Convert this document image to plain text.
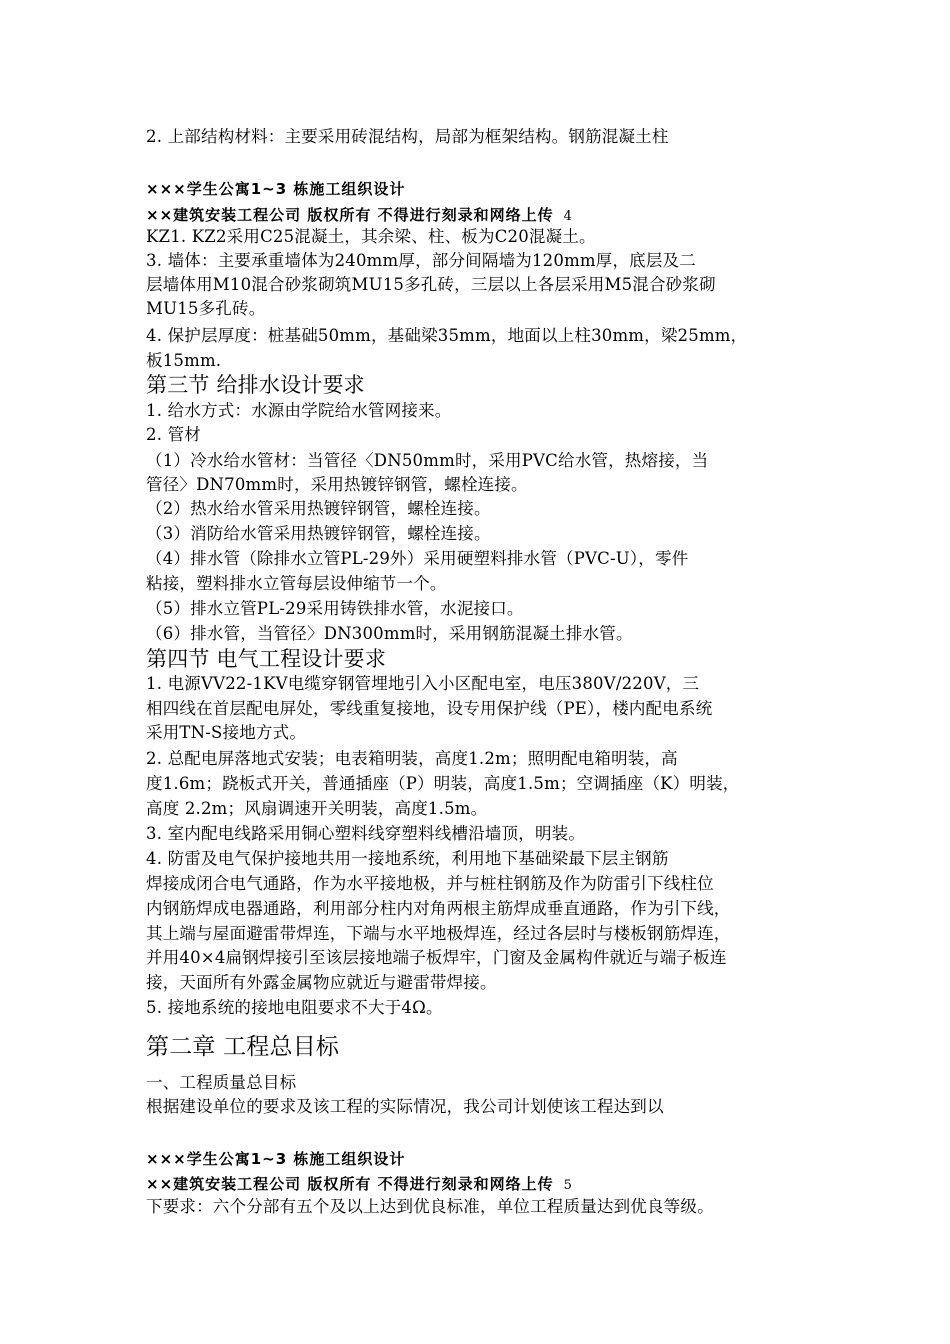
2. 上部结构材料：主要采用砖混结构，局部为框架结构。钢筋混凝土柱
×××学生公寓1~3 栋施工组织设计
××建筑安装工程公司 版权所有 不得进行刻录和网络上传 4
KZ1. KZ2采用C25混凝土，其余梁、柱、板为C20混凝土。
3. 墙体：主要承重墙体为240mm厚，部分间隔墙为120mm厚，底层及二
层墙体用M10混合砂浆砌筑MU15多孔砖，三层以上各层采用M5混合砂浆砌
MU15多孔砖。
4. 保护层厚度：桩基础50mm，基础梁35mm，地面以上柱30mm，梁25mm，
板15mm.
第三节 给排水设计要求
1. 给水方式：水源由学院给水管网接来。
2. 管材
（1）冷水给水管材：当管径〈DN50mm时，采用PVC给水管，热熔接，当
管径〉DN70mm时，采用热镀锌钢管，螺栓连接。
（2）热水给水管采用热镀锌钢管，螺栓连接。
（3）消防给水管采用热镀锌钢管，螺栓连接。
（4）排水管（除排水立管PL-29外）采用硬塑料排水管（PVC-U），零件
粘接，塑料排水立管每层设伸缩节一个。
（5）排水立管PL-29采用铸铁排水管，水泥接口。
（6）排水管，当管径〉DN300mm时，采用钢筋混凝土排水管。
第四节 电气工程设计要求
1. 电源VV22-1KV电缆穿钢管埋地引入小区配电室，电压380V/220V，三
相四线在首层配电屏处，零线重复接地，设专用保护线（PE），楼内配电系统
采用TN-S接地方式。
2. 总配电屏落地式安装；电表箱明装，高度1.2m；照明配电箱明装，高
度1.6m；跷板式开关，普通插座（P）明装，高度1.5m；空调插座（K）明装，
高度 2.2m；风扇调速开关明装，高度1.5m。
3. 室内配电线路采用铜心塑料线穿塑料线槽沿墙顶，明装。
4. 防雷及电气保护接地共用一接地系统，利用地下基础梁最下层主钢筋
焊接成闭合电气通路，作为水平接地极，并与桩柱钢筋及作为防雷引下线柱位
内钢筋焊成电器通路，利用部分柱内对角两根主筋焊成垂直通路，作为引下线，
其上端与屋面避雷带焊连，下端与水平地极焊连，经过各层时与楼板钢筋焊连，
并用40×4扁钢焊接引至该层接地端子板焊牢，门窗及金属构件就近与端子板连
接，天面所有外露金属物应就近与避雷带焊接。
5. 接地系统的接地电阻要求不大于4Ω。
第二章 工程总目标
一、工程质量总目标
根据建设单位的要求及该工程的实际情况，我公司计划使该工程达到以
×××学生公寓1~3 栋施工组织设计
××建筑安装工程公司 版权所有 不得进行刻录和网络上传 5
下要求：六个分部有五个及以上达到优良标准，单位工程质量达到优良等级。
